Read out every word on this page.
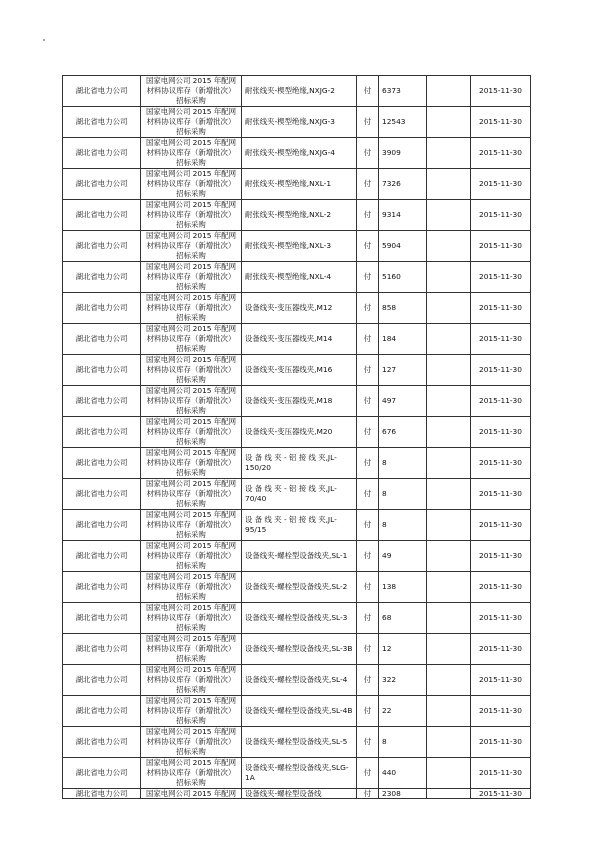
湖北省电力公司	国家电网公司 2015 年配网材料协议库存（新增批次）招标采购	耐张线夹-楔型绝缘,NXJG-2	付	6373		2015-11-30
湖北省电力公司	国家电网公司 2015 年配网材料协议库存（新增批次）招标采购	耐张线夹-楔型绝缘,NXJG-3	付	12543		2015-11-30
湖北省电力公司	国家电网公司 2015 年配网材料协议库存（新增批次）招标采购	耐张线夹-楔型绝缘,NXJG-4	付	3909		2015-11-30
湖北省电力公司	国家电网公司 2015 年配网材料协议库存（新增批次）招标采购	耐张线夹-楔型绝缘,NXL-1	付	7326		2015-11-30
湖北省电力公司	国家电网公司 2015 年配网材料协议库存（新增批次）招标采购	耐张线夹-楔型绝缘,NXL-2	付	9314		2015-11-30
湖北省电力公司	国家电网公司 2015 年配网材料协议库存（新增批次）招标采购	耐张线夹-楔型绝缘,NXL-3	付	5904		2015-11-30
湖北省电力公司	国家电网公司 2015 年配网材料协议库存（新增批次）招标采购	耐张线夹-楔型绝缘,NXL-4	付	5160		2015-11-30
湖北省电力公司	国家电网公司 2015 年配网材料协议库存（新增批次）招标采购	设备线夹-变压器线夹,M12	付	858		2015-11-30
湖北省电力公司	国家电网公司 2015 年配网材料协议库存（新增批次）招标采购	设备线夹-变压器线夹,M14	付	184		2015-11-30
湖北省电力公司	国家电网公司 2015 年配网材料协议库存（新增批次）招标采购	设备线夹-变压器线夹,M16	付	127		2015-11-30
湖北省电力公司	国家电网公司 2015 年配网材料协议库存（新增批次）招标采购	设备线夹-变压器线夹,M18	付	497		2015-11-30
湖北省电力公司	国家电网公司 2015 年配网材料协议库存（新增批次）招标采购	设备线夹-变压器线夹,M20	付	676		2015-11-30
湖北省电力公司	国家电网公司 2015 年配网材料协议库存（新增批次）招标采购	设 备 线 夹 - 铝 接 线 夹,JL-150/20	付	8		2015-11-30
湖北省电力公司	国家电网公司 2015 年配网材料协议库存（新增批次）招标采购	设 备 线 夹 - 铝 接 线 夹,JL-70/40	付	8		2015-11-30
湖北省电力公司	国家电网公司 2015 年配网材料协议库存（新增批次）招标采购	设 备 线 夹 - 铝 接 线 夹,JL-95/15	付	8		2015-11-30
湖北省电力公司	国家电网公司 2015 年配网材料协议库存（新增批次）招标采购	设备线夹-螺栓型设备线夹,SL-1	付	49		2015-11-30
湖北省电力公司	国家电网公司 2015 年配网材料协议库存（新增批次）招标采购	设备线夹-螺栓型设备线夹,SL-2	付	138		2015-11-30
湖北省电力公司	国家电网公司 2015 年配网材料协议库存（新增批次）招标采购	设备线夹-螺栓型设备线夹,SL-3	付	68		2015-11-30
湖北省电力公司	国家电网公司 2015 年配网材料协议库存（新增批次）招标采购	设备线夹-螺栓型设备线夹,SL-3B	付	12		2015-11-30
湖北省电力公司	国家电网公司 2015 年配网材料协议库存（新增批次）招标采购	设备线夹-螺栓型设备线夹,SL-4	付	322		2015-11-30
湖北省电力公司	国家电网公司 2015 年配网材料协议库存（新增批次）招标采购	设备线夹-螺栓型设备线夹,SL-4B	付	22		2015-11-30
湖北省电力公司	国家电网公司 2015 年配网材料协议库存（新增批次）招标采购	设备线夹-螺栓型设备线夹,SL-5	付	8		2015-11-30
湖北省电力公司	国家电网公司 2015 年配网材料协议库存（新增批次）招标采购	设备线夹-螺栓型设备线夹,SLG-1A	付	440		2015-11-30
湖北省电力公司	国家电网公司 2015 年配网	设备线夹-螺栓型设备线	付	2308		2015-11-30
